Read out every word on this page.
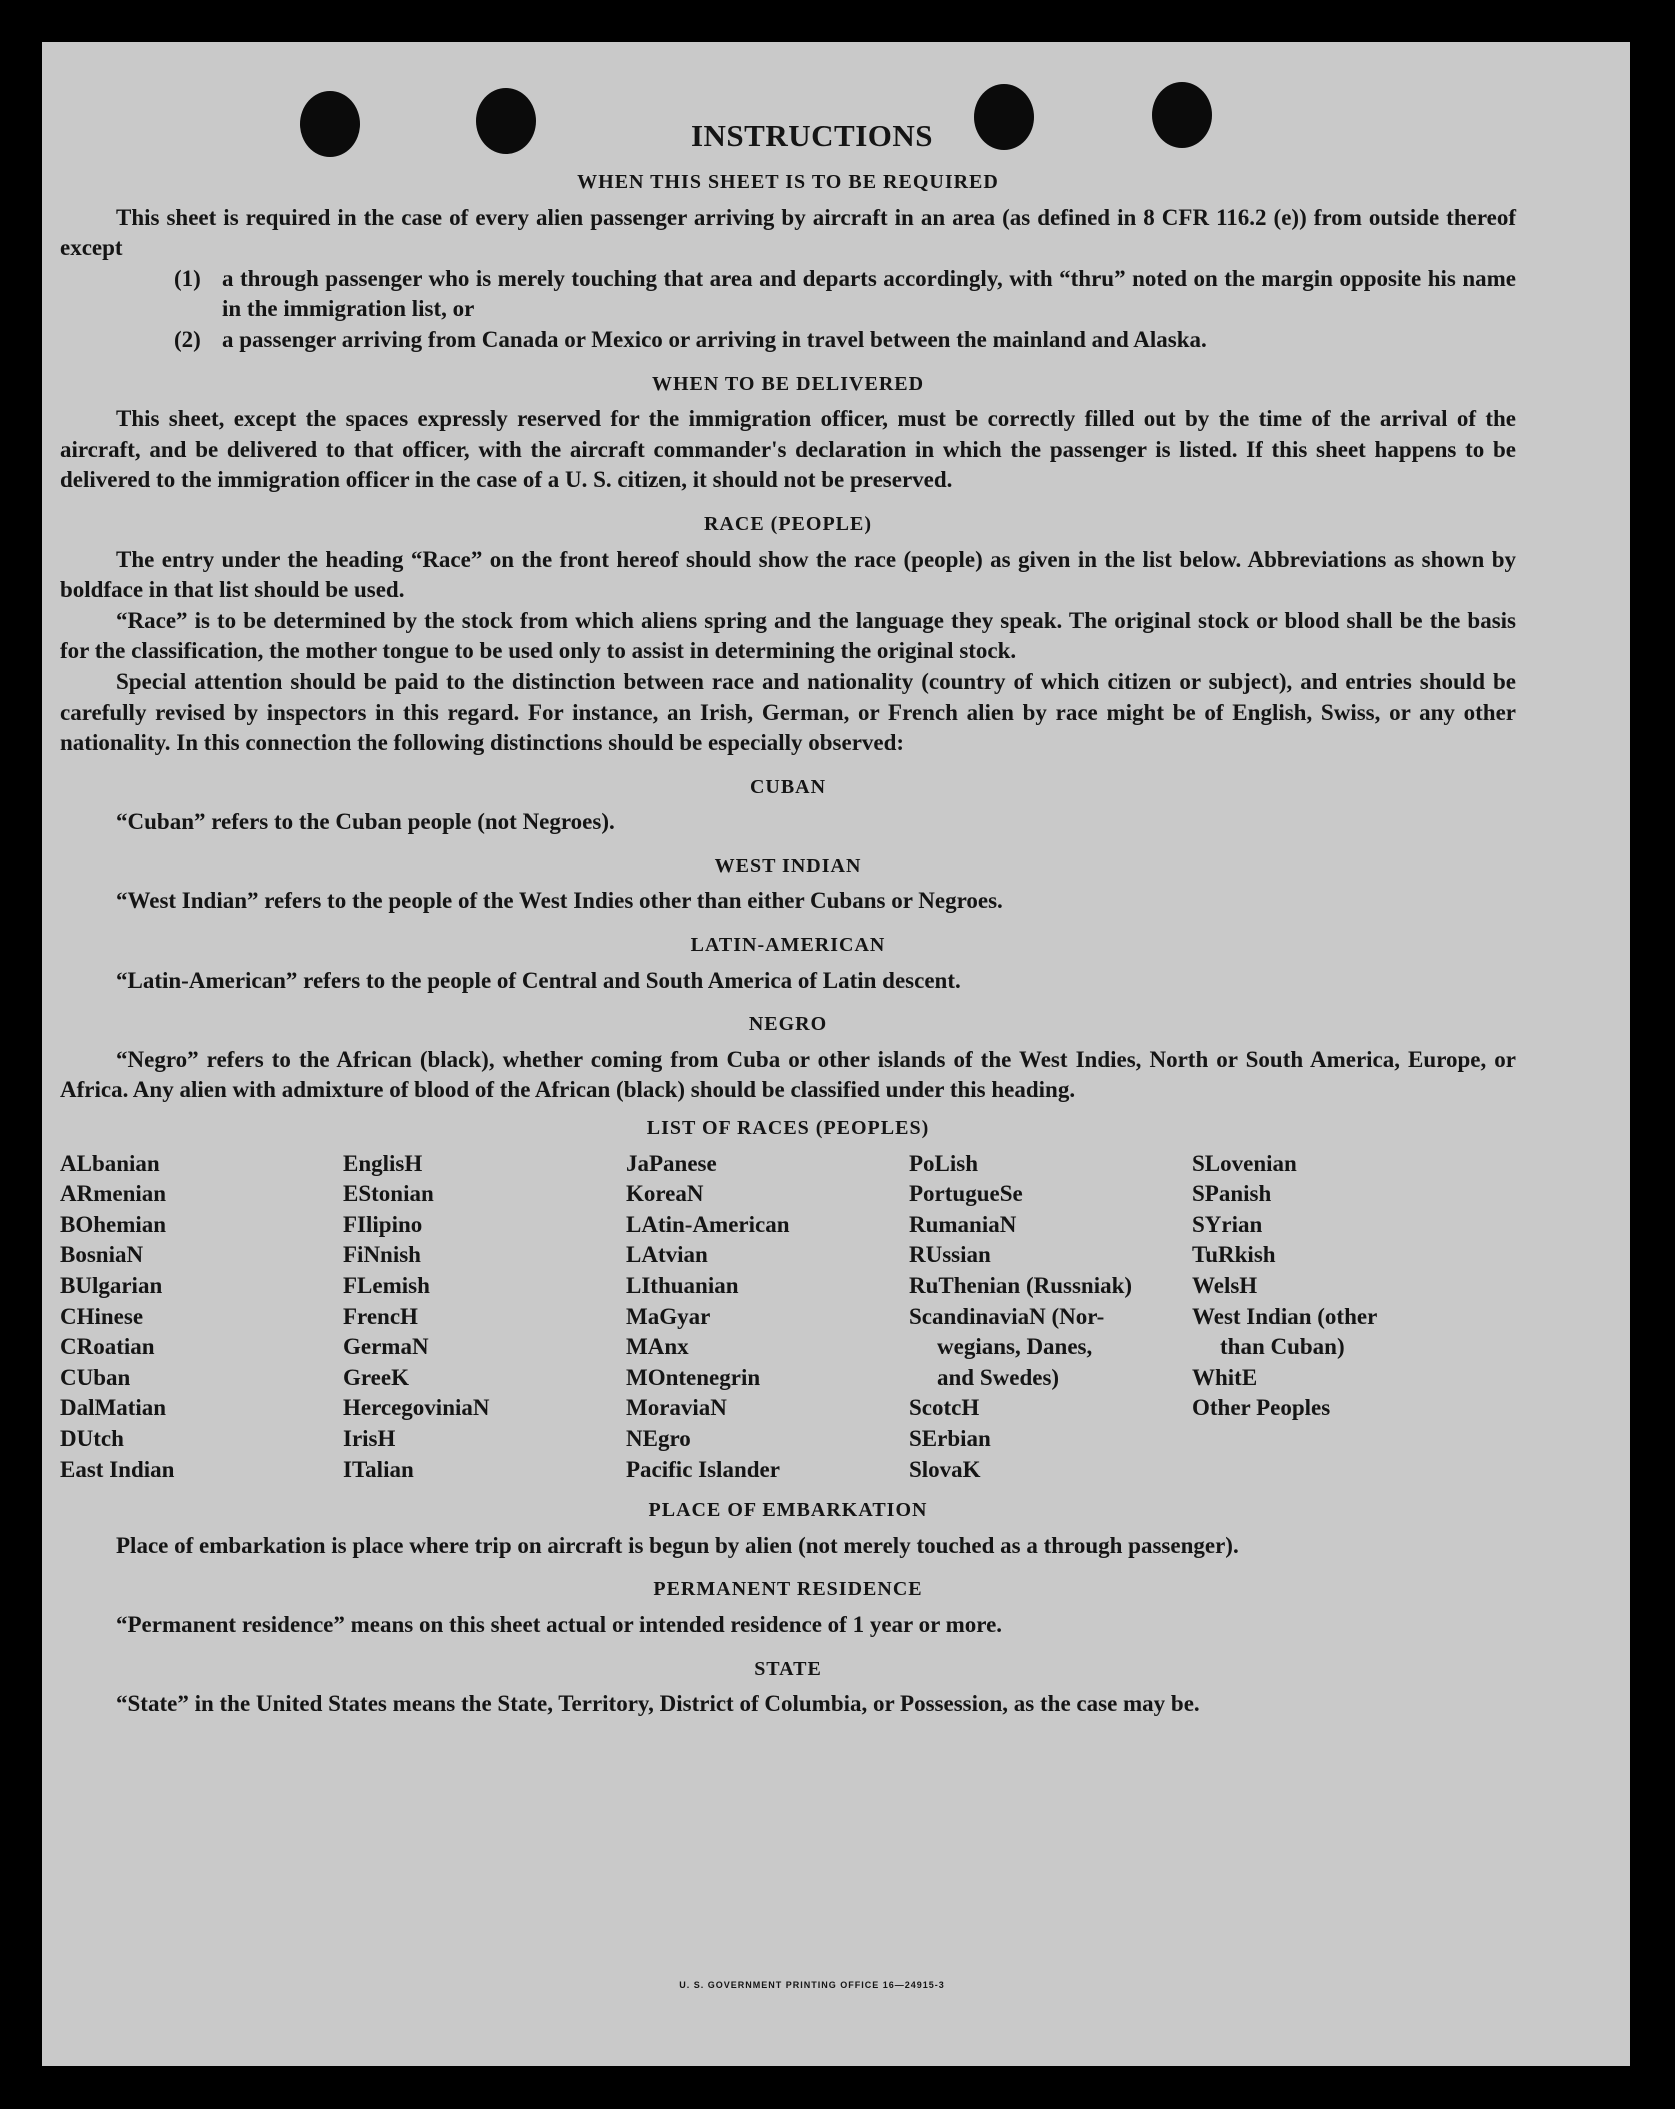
INSTRUCTIONS
WHEN THIS SHEET IS TO BE REQUIRED

This sheet is required in the case of every alien passenger arriving by aircraft in an area (as defined in 8 CFR 116.2 (e)) from outside thereof except

(1) a through passenger who is merely touching that area and departs accordingly, with “thru” noted on the margin opposite his name in the immigration list, or
(2) a passenger arriving from Canada or Mexico or arriving in travel between the mainland and Alaska.
WHEN TO BE DELIVERED

This sheet, except the spaces expressly reserved for the immigration officer, must be correctly filled out by the time of the arrival of the aircraft, and be delivered to that officer, with the aircraft commander's declaration in which the passenger is listed. If this sheet happens to be delivered to the immigration officer in the case of a U. S. citizen, it should not be preserved.

RACE (PEOPLE)

The entry under the heading “Race” on the front hereof should show the race (people) as given in the list below. Abbreviations as shown by boldface in that list should be used.

“Race” is to be determined by the stock from which aliens spring and the language they speak. The original stock or blood shall be the basis for the classification, the mother tongue to be used only to assist in determining the original stock.

Special attention should be paid to the distinction between race and nationality (country of which citizen or subject), and entries should be carefully revised by inspectors in this regard. For instance, an Irish, German, or French alien by race might be of English, Swiss, or any other nationality. In this connection the following distinctions should be especially observed:

CUBAN

“Cuban” refers to the Cuban people (not Negroes).

WEST INDIAN

“West Indian” refers to the people of the West Indies other than either Cubans or Negroes.

LATIN-AMERICAN

“Latin-American” refers to the people of Central and South America of Latin descent.

NEGRO

“Negro” refers to the African (black), whether coming from Cuba or other islands of the West Indies, North or South America, Europe, or Africa. Any alien with admixture of blood of the African (black) should be classified under this heading.

LIST OF RACES (PEOPLES)
ALbanian
ARmenian
BOhemian
BosniaN
BUlgarian
CHinese
CRoatian
CUban
DalMatian
DUtch
East Indian
EnglisH
EStonian
FIlipino
FiNnish
FLemish
FrencH
GermaN
GreeK
HercegoviniaN
IrisH
ITalian
JaPanese
KoreaN
LAtin-American
LAtvian
LIthuanian
MaGyar
MAnx
MOntenegrin
MoraviaN
NEgro
Pacific Islander
PoLish
PortugueSe
RumaniaN
RUssian
RuThenian (Russniak)
ScandinaviaN (Nor-
wegians, Danes,
and Swedes)
ScotcH
SErbian
SlovaK
SLovenian
SPanish
SYrian
TuRkish
WelsH
West Indian (other
than Cuban)
WhitE
Other Peoples
PLACE OF EMBARKATION

Place of embarkation is place where trip on aircraft is begun by alien (not merely touched as a through passenger).

PERMANENT RESIDENCE

“Permanent residence” means on this sheet actual or intended residence of 1 year or more.

STATE

“State” in the United States means the State, Territory, District of Columbia, or Possession, as the case may be.

U. S. GOVERNMENT PRINTING OFFICE 16—24915-3
